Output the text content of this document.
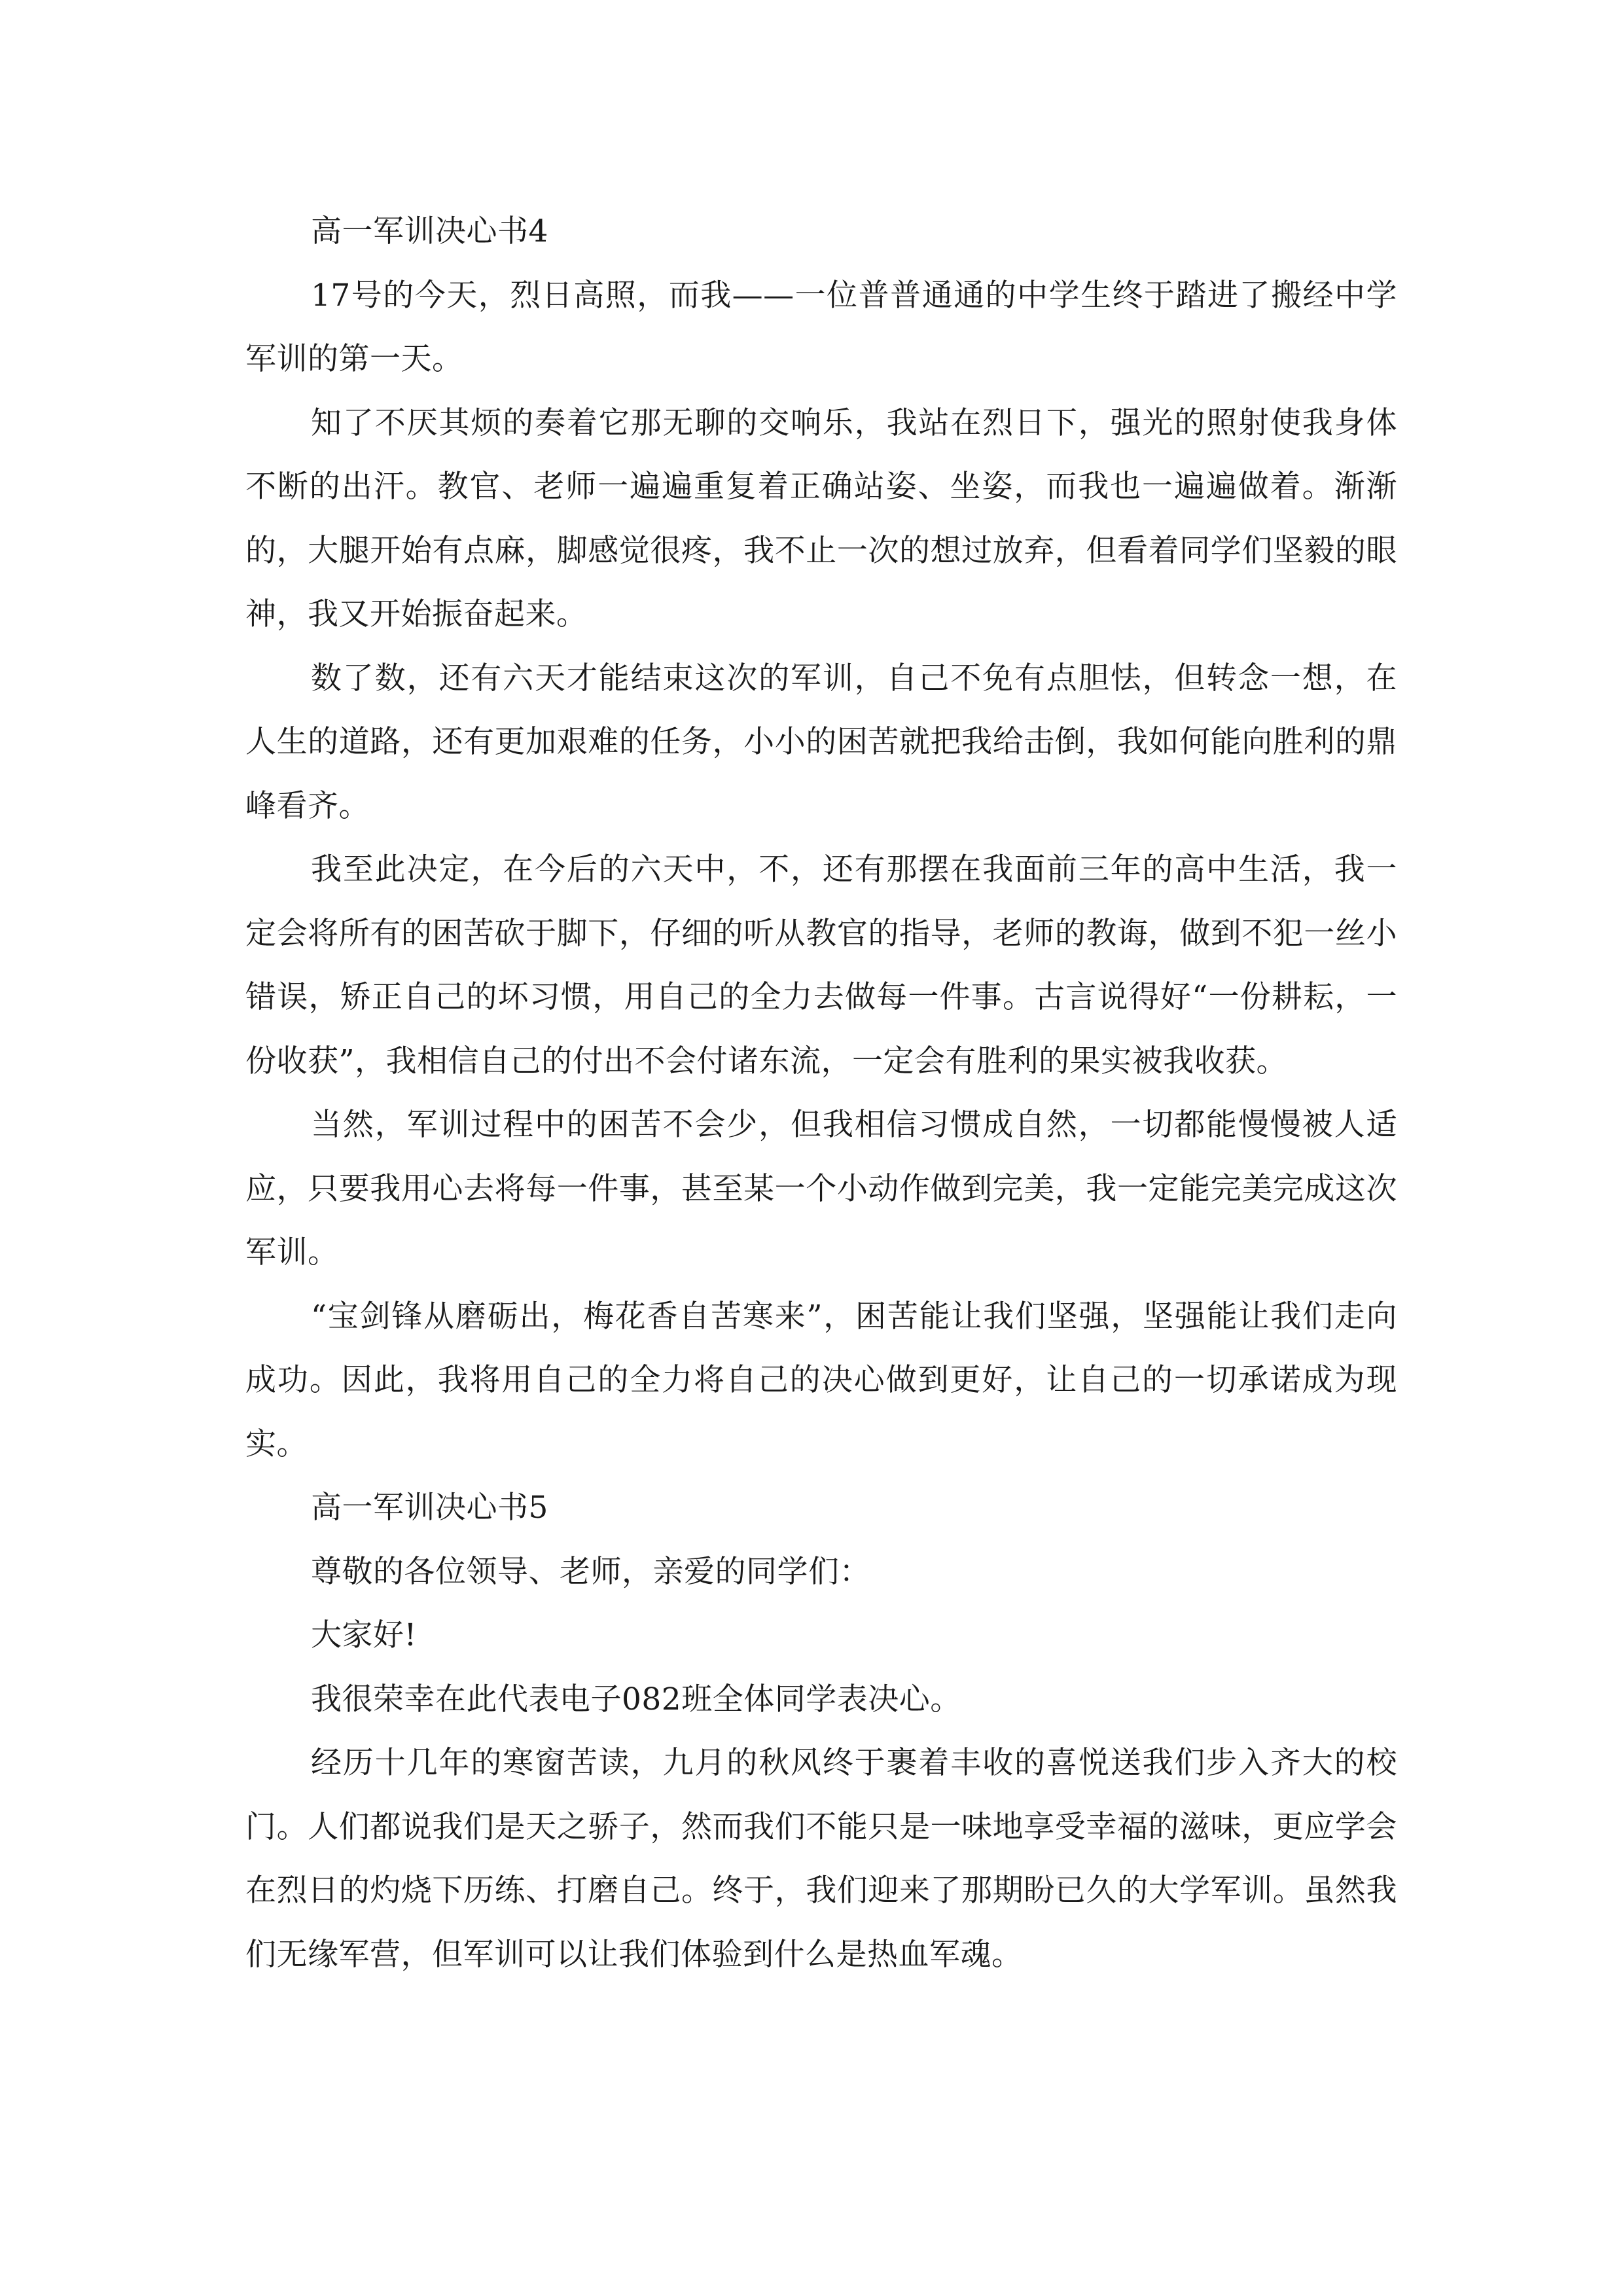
高一军训决心书4

17号的今天，烈日高照，而我——一位普普通通的中学生终于踏进了搬经中学军训的第一天。

知了不厌其烦的奏着它那无聊的交响乐，我站在烈日下，强光的照射使我身体不断的出汗。教官、老师一遍遍重复着正确站姿、坐姿，而我也一遍遍做着。渐渐的，大腿开始有点麻，脚感觉很疼，我不止一次的想过放弃，但看着同学们坚毅的眼神，我又开始振奋起来。

数了数，还有六天才能结束这次的军训，自己不免有点胆怯，但转念一想，在人生的道路，还有更加艰难的任务，小小的困苦就把我给击倒，我如何能向胜利的鼎峰看齐。

我至此决定，在今后的六天中，不，还有那摆在我面前三年的高中生活，我一定会将所有的困苦砍于脚下，仔细的听从教官的指导，老师的教诲，做到不犯一丝小错误，矫正自己的坏习惯，用自己的全力去做每一件事。古言说得好“一份耕耘，一份收获”，我相信自己的付出不会付诸东流，一定会有胜利的果实被我收获。

当然，军训过程中的困苦不会少，但我相信习惯成自然，一切都能慢慢被人适应，只要我用心去将每一件事，甚至某一个小动作做到完美，我一定能完美完成这次军训。

“宝剑锋从磨砺出，梅花香自苦寒来”，困苦能让我们坚强，坚强能让我们走向成功。因此，我将用自己的全力将自己的决心做到更好，让自己的一切承诺成为现实。

高一军训决心书5

尊敬的各位领导、老师，亲爱的同学们：

大家好!

我很荣幸在此代表电子082班全体同学表决心。

经历十几年的寒窗苦读，九月的秋风终于裹着丰收的喜悦送我们步入齐大的校门。人们都说我们是天之骄子，然而我们不能只是一味地享受幸福的滋味，更应学会在烈日的灼烧下历练、打磨自己。终于，我们迎来了那期盼已久的大学军训。虽然我们无缘军营，但军训可以让我们体验到什么是热血军魂。
